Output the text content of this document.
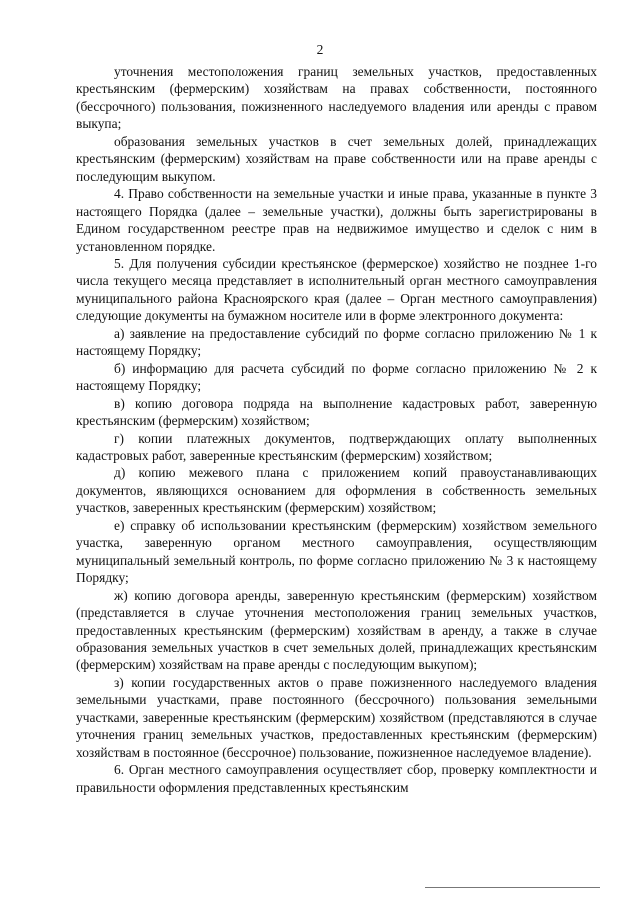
2

уточнения местоположения границ земельных участков, предоставленных крестьянским (фермерским) хозяйствам на правах собственности, постоянного (бессрочного) пользования, пожизненного наследуемого владения или аренды с правом выкупа;

образования земельных участков в счет земельных долей, принадлежащих крестьянским (фермерским) хозяйствам на праве собственности или на праве аренды с последующим выкупом.

4. Право собственности на земельные участки и иные права, указанные в пункте 3 настоящего Порядка (далее – земельные участки), должны быть зарегистрированы в Едином государственном реестре прав на недвижимое имущество и сделок с ним в установленном порядке.

5. Для получения субсидии крестьянское (фермерское) хозяйство не позднее 1-го числа текущего месяца представляет в исполнительный орган местного самоуправления муниципального района Красноярского края (далее – Орган местного самоуправления) следующие документы на бумажном носителе или в форме электронного документа:

а) заявление на предоставление субсидий по форме согласно приложению № 1 к настоящему Порядку;

б) информацию для расчета субсидий по форме согласно приложению № 2 к настоящему Порядку;

в) копию договора подряда на выполнение кадастровых работ, заверенную крестьянским (фермерским) хозяйством;

г) копии платежных документов, подтверждающих оплату выполненных кадастровых работ, заверенные крестьянским (фермерским) хозяйством;

д) копию межевого плана с приложением копий правоустанавливающих документов, являющихся основанием для оформления в собственность земельных участков, заверенных крестьянским (фермерским) хозяйством;

е) справку об использовании крестьянским (фермерским) хозяйством земельного участка, заверенную органом местного самоуправления, осуществляющим муниципальный земельный контроль, по форме согласно приложению № 3 к настоящему Порядку;

ж) копию договора аренды, заверенную крестьянским (фермерским) хозяйством (представляется в случае уточнения местоположения границ земельных участков, предоставленных крестьянским (фермерским) хозяйствам в аренду, а также в случае образования земельных участков в счет земельных долей, принадлежащих крестьянским (фермерским) хозяйствам на праве аренды с последующим выкупом);

з) копии государственных актов о праве пожизненного наследуемого владения земельными участками, праве постоянного (бессрочного) пользования земельными участками, заверенные крестьянским (фермерским) хозяйством (представляются в случае уточнения границ земельных участков, предоставленных крестьянским (фермерским) хозяйствам в постоянное (бессрочное) пользование, пожизненное наследуемое владение).

6. Орган местного самоуправления осуществляет сбор, проверку комплектности и правильности оформления представленных крестьянским
